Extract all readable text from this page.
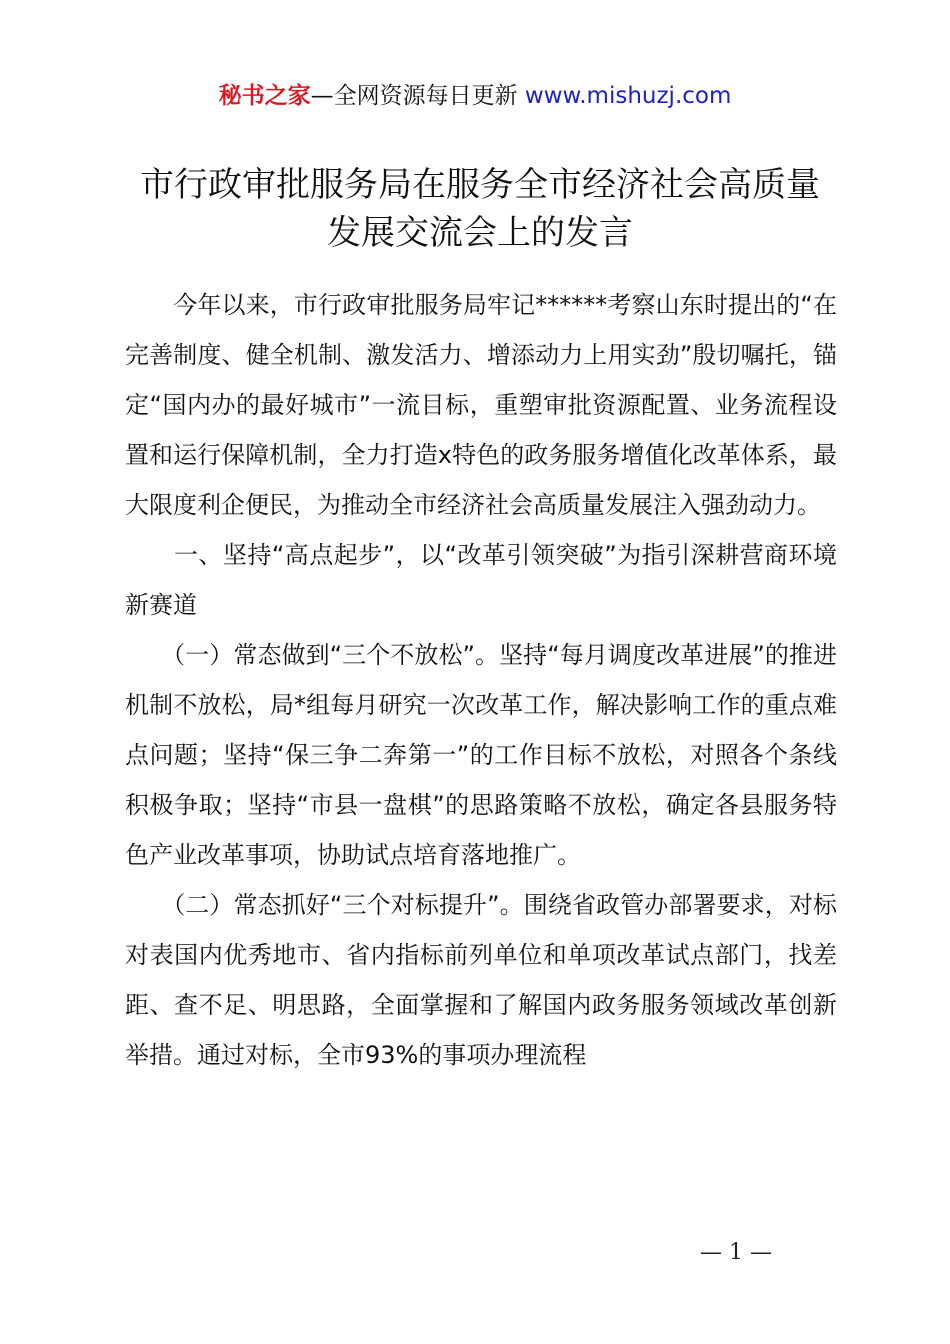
秘书之家—全网资源每日更新 www.mishuzj.com
市行政审批服务局在服务全市经济社会高质量
发展交流会上的发言

　　今年以来，市行政审批服务局牢记******考察山东时提出的“在完善制度、健全机制、激发活力、增添动力上用实劲”殷切嘱托，锚定“国内办的最好城市”一流目标，重塑审批资源配置、业务流程设置和运行保障机制，全力打造x特色的政务服务增值化改革体系，最大限度利企便民，为推动全市经济社会高质量发展注入强劲动力。

　　一、坚持“高点起步”，以“改革引领突破”为指引深耕营商环境新赛道

　　（一）常态做到“三个不放松”。坚持“每月调度改革进展”的推进机制不放松，局*组每月研究一次改革工作，解决影响工作的重点难点问题；坚持“保三争二奔第一”的工作目标不放松，对照各个条线积极争取；坚持“市县一盘棋”的思路策略不放松，确定各县服务特色产业改革事项，协助试点培育落地推广。

　　（二）常态抓好“三个对标提升”。围绕省政管办部署要求，对标对表国内优秀地市、省内指标前列单位和单项改革试点部门，找差距、查不足、明思路，全面掌握和了解国内政务服务领域改革创新举措。通过对标，全市93%的事项办理流程

— 1 —
